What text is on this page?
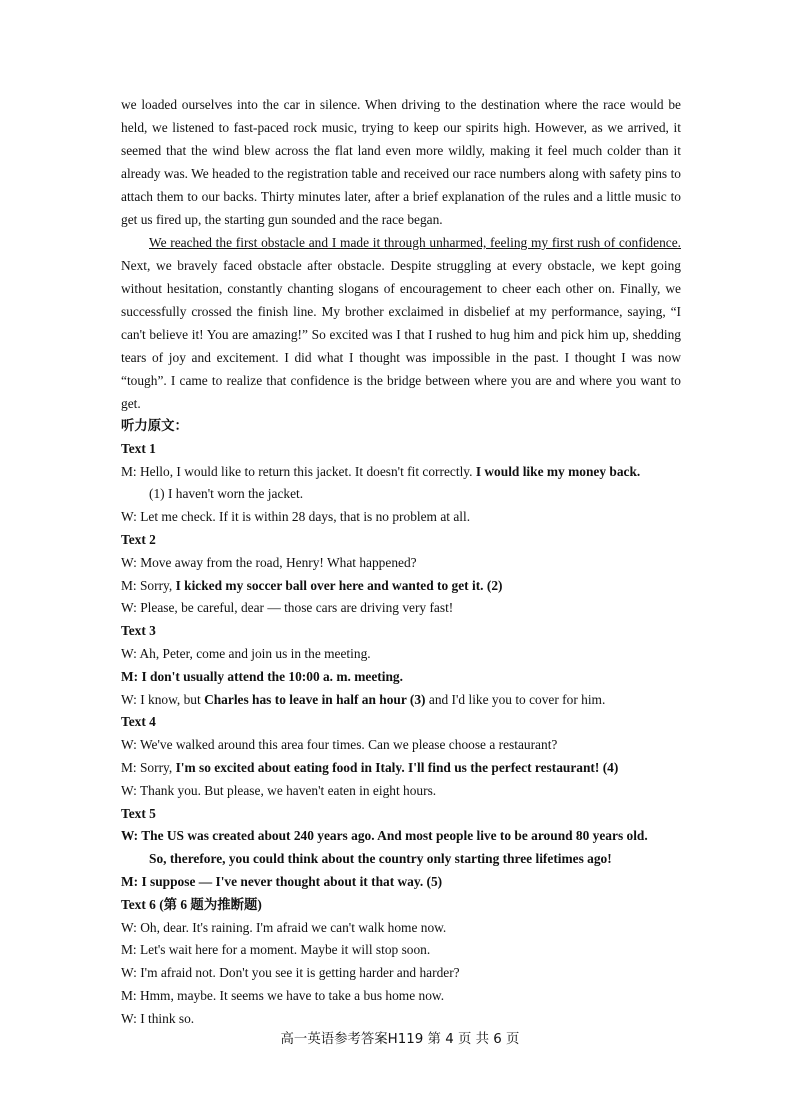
we loaded ourselves into the car in silence. When driving to the destination where the race would be held, we listened to fast-paced rock music, trying to keep our spirits high. However, as we arrived, it seemed that the wind blew across the flat land even more wildly, making it feel much colder than it already was. We headed to the registration table and received our race numbers along with safety pins to attach them to our backs. Thirty minutes later, after a brief explanation of the rules and a little music to get us fired up, the starting gun sounded and the race began.

We reached the first obstacle and I made it through unharmed, feeling my first rush of confidence. Next, we bravely faced obstacle after obstacle. Despite struggling at every obstacle, we kept going without hesitation, constantly chanting slogans of encouragement to cheer each other on. Finally, we successfully crossed the finish line. My brother exclaimed in disbelief at my performance, saying, “I can't believe it! You are amazing!” So excited was I that I rushed to hug him and pick him up, shedding tears of joy and excitement. I did what I thought was impossible in the past. I thought I was now “tough”. I came to realize that confidence is the bridge between where you are and where you want to get.

听力原文：

Text 1

M: Hello, I would like to return this jacket. It doesn't fit correctly. I would like my money back.

(1) I haven't worn the jacket.

W: Let me check. If it is within 28 days, that is no problem at all.

Text 2

W: Move away from the road, Henry! What happened?

M: Sorry, I kicked my soccer ball over here and wanted to get it. (2)

W: Please, be careful, dear — those cars are driving very fast!

Text 3

W: Ah, Peter, come and join us in the meeting.

M: I don't usually attend the 10:00 a. m. meeting.

W: I know, but Charles has to leave in half an hour (3) and I'd like you to cover for him.

Text 4

W: We've walked around this area four times. Can we please choose a restaurant?

M: Sorry, I'm so excited about eating food in Italy. I'll find us the perfect restaurant! (4)

W: Thank you. But please, we haven't eaten in eight hours.

Text 5

W: The US was created about 240 years ago. And most people live to be around 80 years old.

So, therefore, you could think about the country only starting three lifetimes ago!

M: I suppose — I've never thought about it that way. (5)

Text 6 (第 6 题为推断题)

W: Oh, dear. It's raining. I'm afraid we can't walk home now.

M: Let's wait here for a moment. Maybe it will stop soon.

W: I'm afraid not. Don't you see it is getting harder and harder?

M: Hmm, maybe. It seems we have to take a bus home now.

W: I think so.

高一英语参考答案H119 第 4 页 共 6 页
